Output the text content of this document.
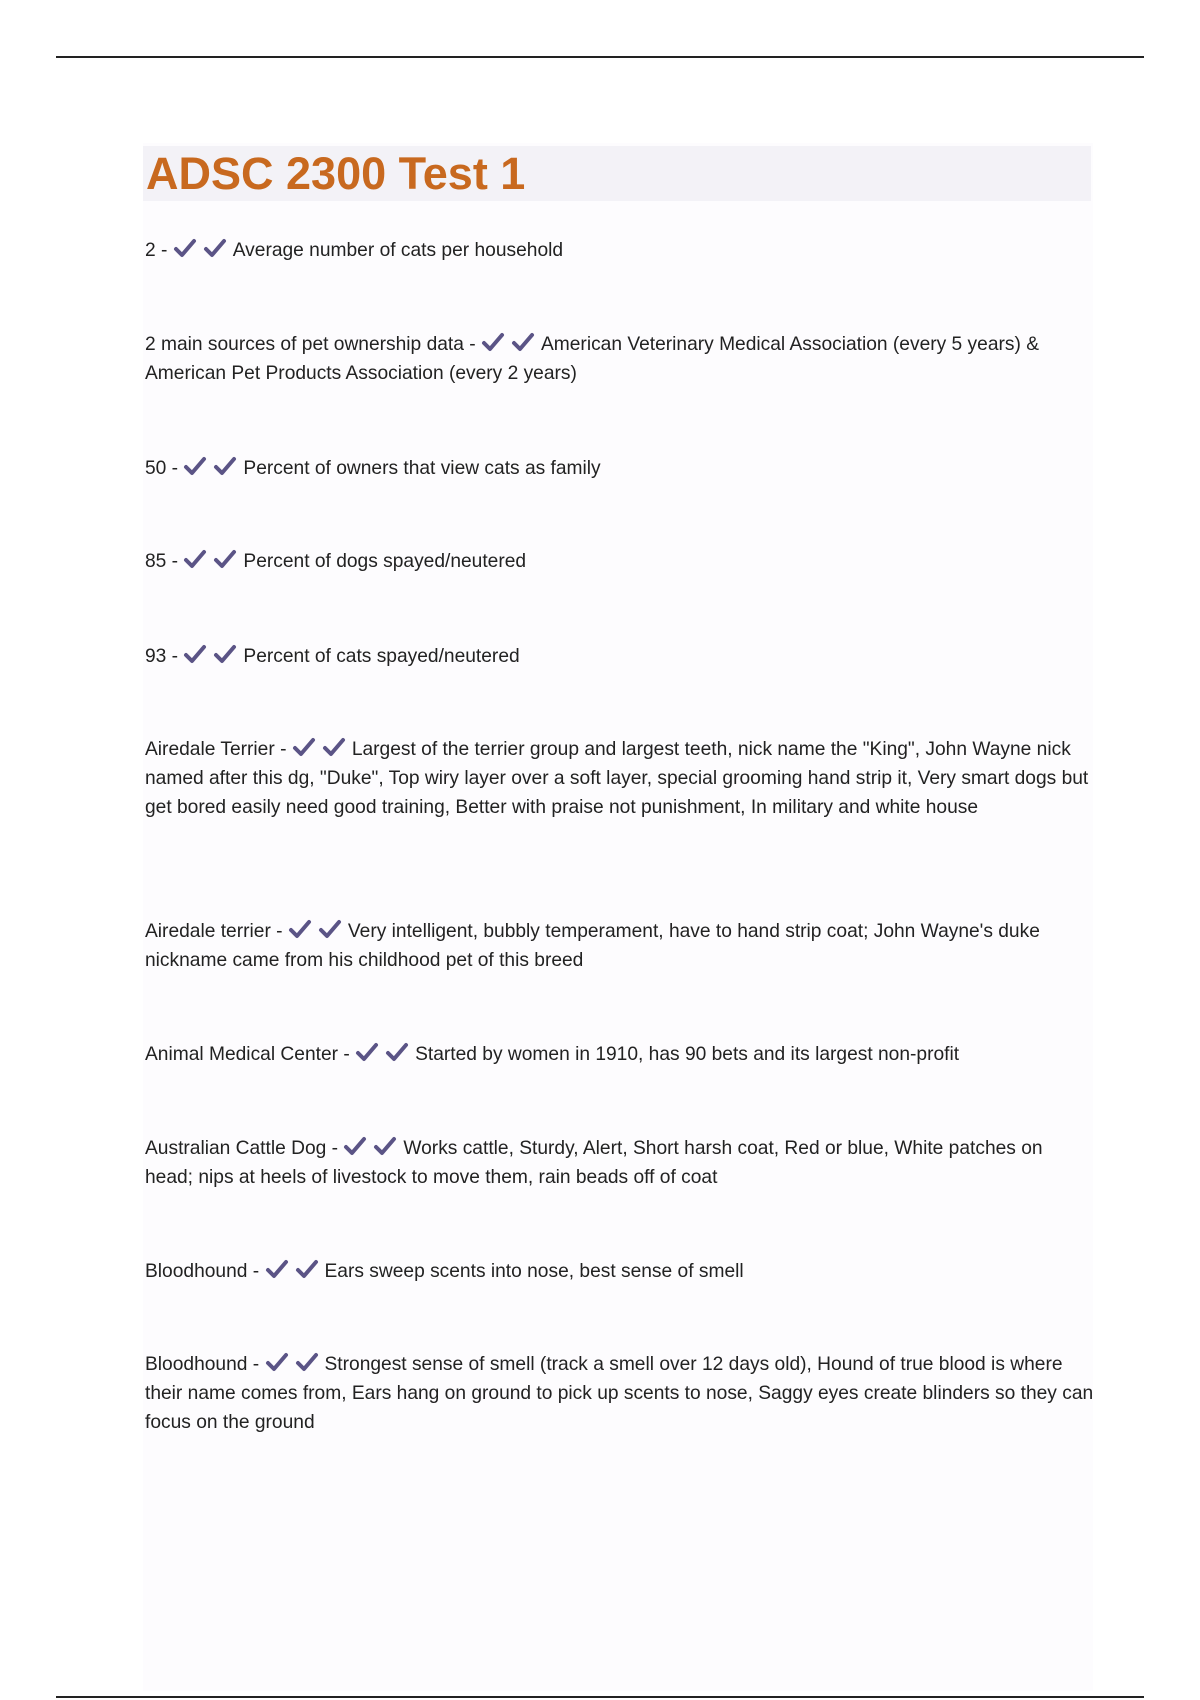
ADSC 2300 Test 1

2 -	Average number of cats per household

2 main sources of pet ownership data -	American Veterinary Medical Association (every 5 years) & American Pet Products Association (every 2 years)

50 -	Percent of owners that view cats as family

85 -	Percent of dogs spayed/neutered

93 -	Percent of cats spayed/neutered

Airedale Terrier -	Largest of the terrier group and largest teeth, nick name the "King", John Wayne nick named after this dg, "Duke", Top wiry layer over a soft layer, special grooming hand strip it, Very smart dogs but get bored easily need good training, Better with praise not punishment, In military and white house

Airedale terrier -	Very intelligent, bubbly temperament, have to hand strip coat; John Wayne's duke nickname came from his childhood pet of this breed

Animal Medical Center -	Started by women in 1910, has 90 bets and its largest non-profit

Australian Cattle Dog -	Works cattle, Sturdy, Alert, Short harsh coat, Red or blue, White patches on head; nips at heels of livestock to move them, rain beads off of coat

Bloodhound -	Ears sweep scents into nose, best sense of smell

Bloodhound -	Strongest sense of smell (track a smell over 12 days old), Hound of true blood is where their name comes from, Ears hang on ground to pick up scents to nose, Saggy eyes create blinders so they can focus on the ground
